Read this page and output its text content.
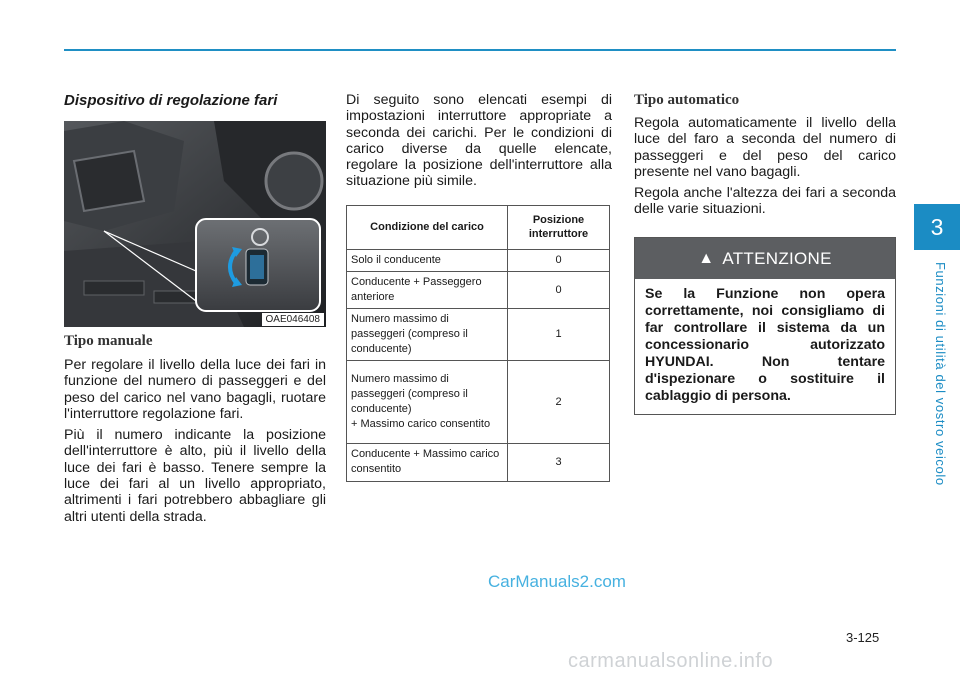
3
Funzioni di utilità del vostro veicolo
Dispositivo di regolazione fari
OAE046408
Tipo manuale

Per regolare il livello della luce dei fari in funzione del numero di passeggeri e del peso del carico nel vano bagagli, ruotare l'interruttore regolazione fari.

Più il numero indicante la posizione dell'interruttore è alto, più il livello della luce dei fari è basso. Tenere sempre la luce dei fari al un livello appropriato, altrimenti i fari potrebbero abbagliare gli altri utenti della strada.

Di seguito sono elencati esempi di impostazioni interruttore appropriate a seconda dei carichi. Per le condizioni di carico diverse da quelle elencate, regolare la posizione dell'interruttore alla situazione più simile.

Condizione del carico	Posizione interruttore
Solo il conducente	0
Conducente + Passeggero anteriore	0
Numero massimo di passeggeri (compreso il conducente)	1

Numero massimo di passeggeri (compreso il conducente)
+ Massimo carico consentito	2
Conducente + Massimo carico consentito	3
Tipo automatico

Regola automaticamente il livello della luce del faro a seconda del numero di passeggeri e del peso del carico presente nel vano bagagli.

Regola anche l'altezza dei fari a seconda delle varie situazioni.

▲ ATTENZIONE
Se la Funzione non opera correttamente, noi consigliamo di far controllare il sistema da un concessionario autorizzato HYUNDAI. Non tentare d'ispezionare o sostituire il cablaggio di persona.
CarManuals2.com
3-125
carmanualsonline.info
